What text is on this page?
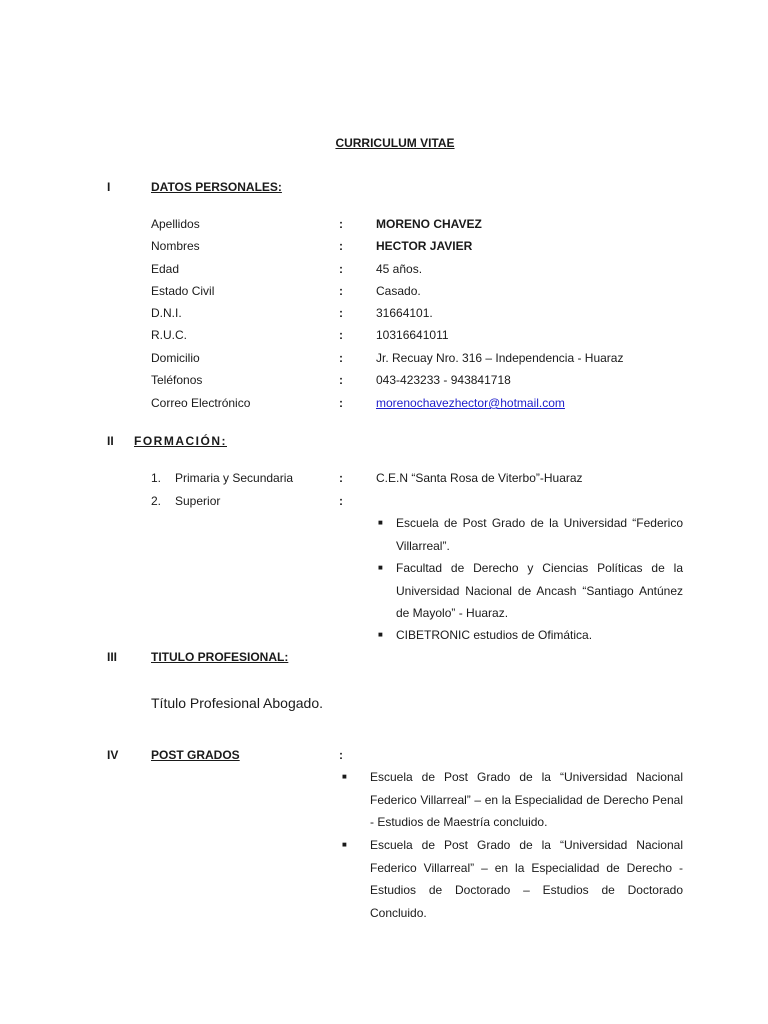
CURRICULUM VITAE
I	DATOS PERSONALES:
Apellidos	:	MORENO CHAVEZ
Nombres	:	HECTOR JAVIER
Edad	:	45 años.
Estado Civil	:	Casado.
D.N.I.	:	31664101.
R.U.C.	:	10316641011
Domicilio	:	Jr. Recuay Nro. 316 – Independencia - Huaraz
Teléfonos	:	043-423233 - 943841718
Correo Electrónico	:	morenochavezhector@hotmail.com
II FORMACIÓN:
1. Primaria y Secundaria	:	C.E.N “Santa Rosa de Viterbo”-Huaraz
2. Superior	:
■ Escuela de Post Grado de la Universidad “Federico Villarreal”.
■ Facultad de Derecho y Ciencias Políticas de la Universidad Nacional de Ancash “Santiago Antúnez de Mayolo” - Huaraz.
■ CIBETRONIC estudios de Ofimática.
III	TITULO PROFESIONAL:
Título Profesional Abogado.
IV	POST GRADOS	:
■ Escuela de Post Grado de la “Universidad Nacional Federico Villarreal” – en la Especialidad de Derecho Penal - Estudios de Maestría concluido.
■ Escuela de Post Grado de la “Universidad Nacional Federico Villarreal” – en la Especialidad de Derecho - Estudios de Doctorado – Estudios de Doctorado Concluido.
